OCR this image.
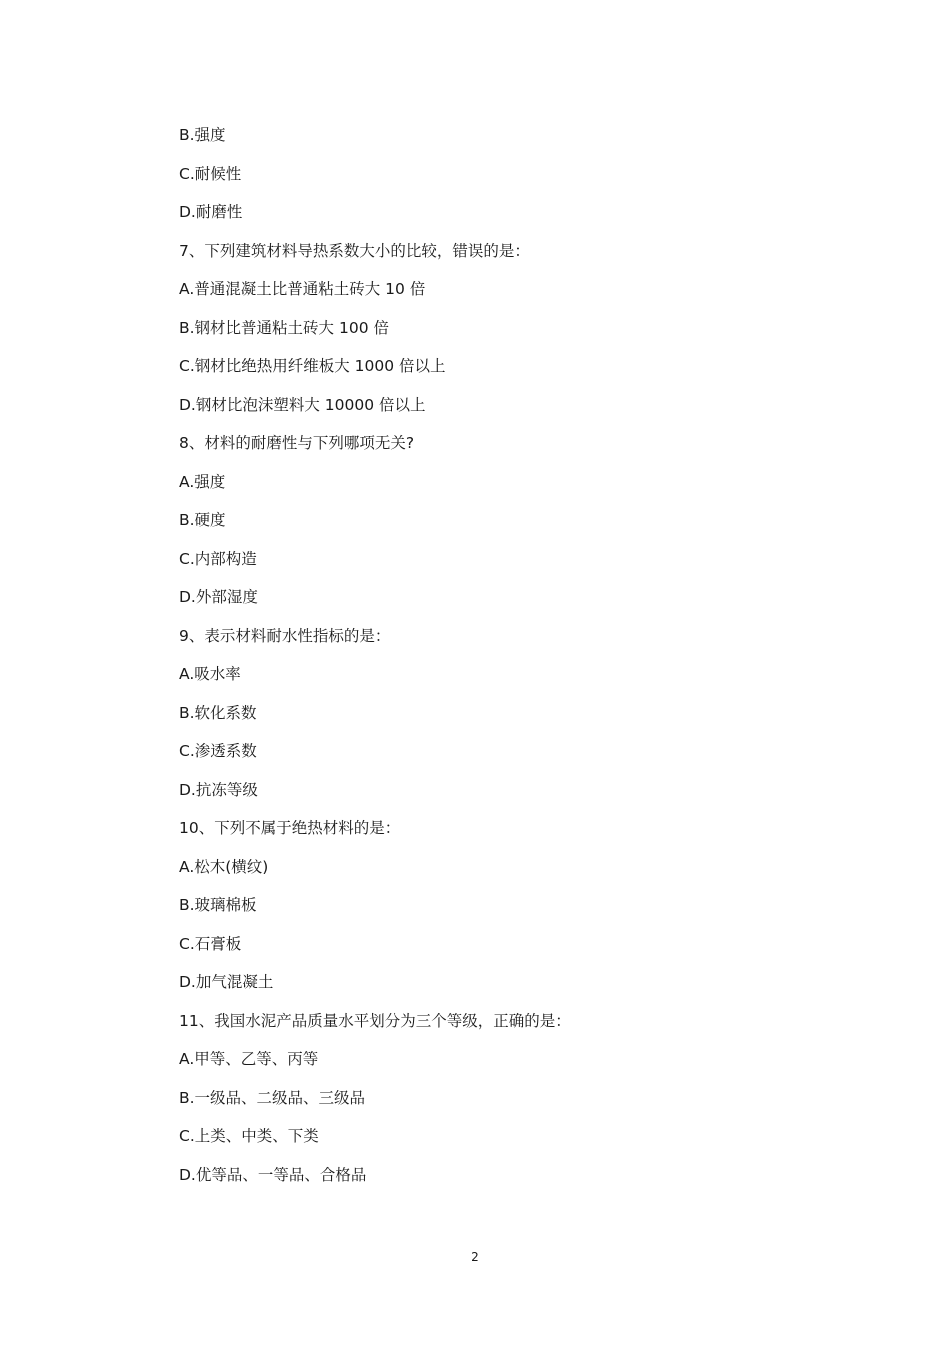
B.强度
C.耐候性
D.耐磨性
7、下列建筑材料导热系数大小的比较，错误的是：
A.普通混凝土比普通粘土砖大 10 倍
B.钢材比普通粘土砖大 100 倍
C.钢材比绝热用纤维板大 1000 倍以上
D.钢材比泡沫塑料大 10000 倍以上
8、材料的耐磨性与下列哪项无关?
A.强度
B.硬度
C.内部构造
D.外部湿度
9、表示材料耐水性指标的是：
A.吸水率
B.软化系数
C.渗透系数
D.抗冻等级
10、下列不属于绝热材料的是：
A.松木(横纹)
B.玻璃棉板
C.石膏板
D.加气混凝土
11、我国水泥产品质量水平划分为三个等级，正确的是：
A.甲等、乙等、丙等
B.一级品、二级品、三级品
C.上类、中类、下类
D.优等品、一等品、合格品
2
